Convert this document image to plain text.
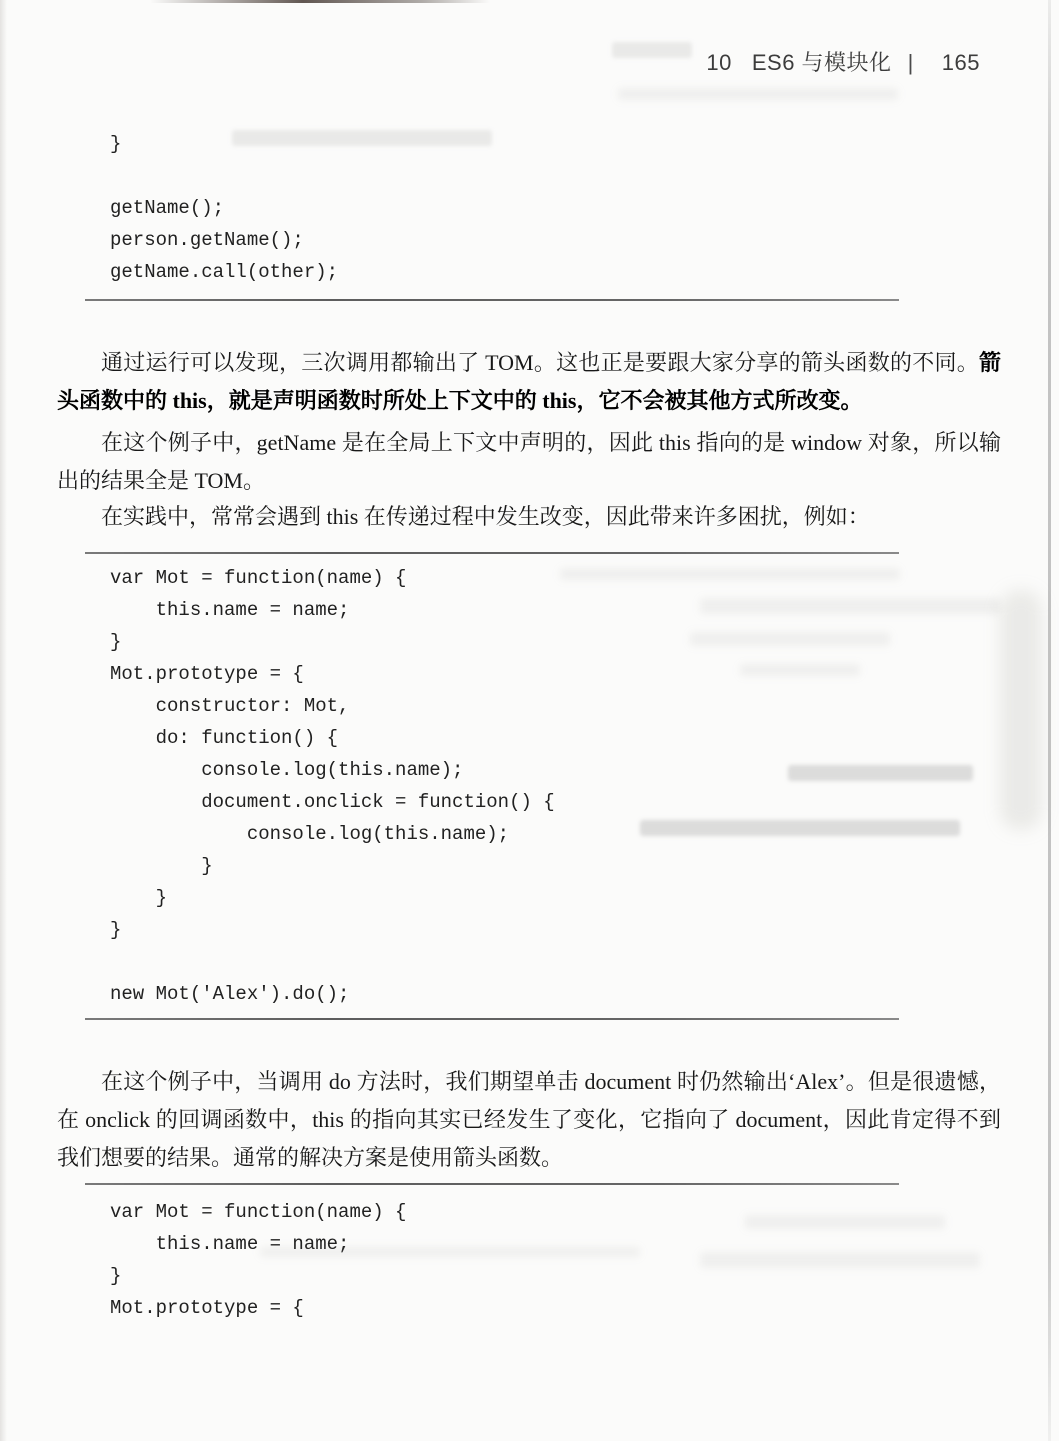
10 ES6 与模块化 | 165
}
getName();
person.getName();
getName.call(other);

通过运行可以发现，三次调用都输出了 TOM。这也正是要跟大家分享的箭头函数的不同。箭头函数中的 this，就是声明函数时所处上下文中的 this，它不会被其他方式所改变。

在这个例子中，getName 是在全局上下文中声明的，因此 this 指向的是 window 对象，所以输出的结果全是 TOM。

在实践中，常常会遇到 this 在传递过程中发生改变，因此带来许多困扰，例如：

var Mot = function(name) {
this.name = name;
}
Mot.prototype = {
constructor: Mot,
do: function() {
console.log(this.name);
document.onclick = function() {
console.log(this.name);
}
}
}
new Mot('Alex').do();

在这个例子中，当调用 do 方法时，我们期望单击 document 时仍然输出‘Alex’。但是很遗憾，在 onclick 的回调函数中，this 的指向其实已经发生了变化，它指向了 document，因此肯定得不到我们想要的结果。通常的解决方案是使用箭头函数。

var Mot = function(name) {
this.name = name;
}
Mot.prototype = {
